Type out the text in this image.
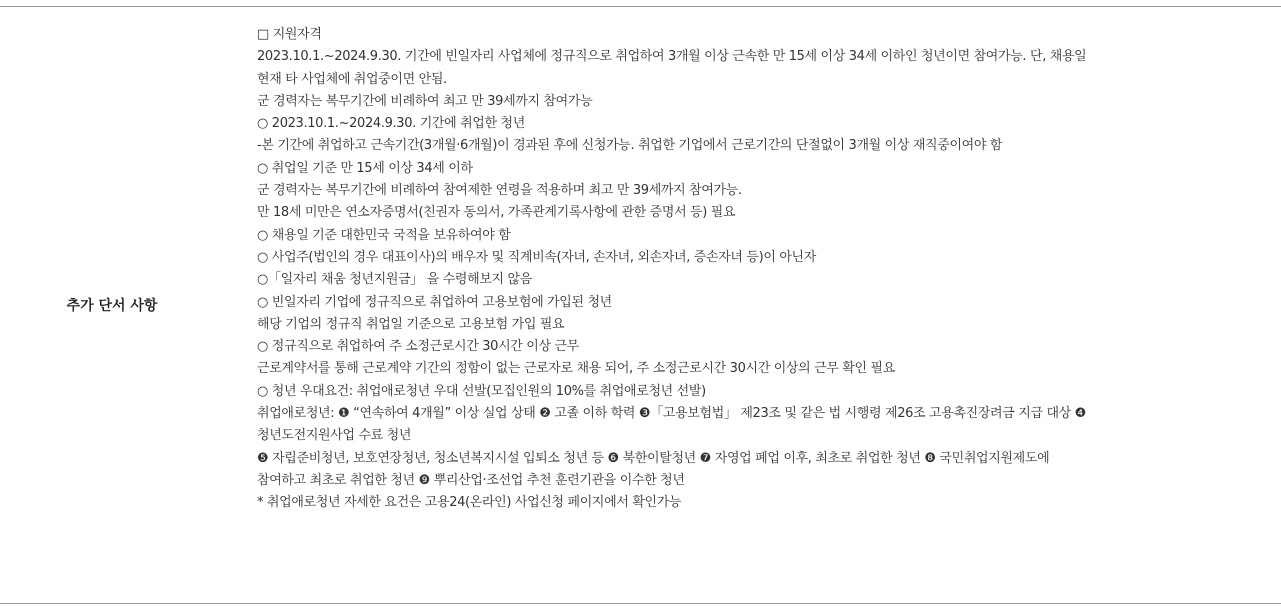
추가 단서 사항
□ 지원자격
2023.10.1.~2024.9.30. 기간에 빈일자리 사업체에 정규직으로 취업하여 3개월 이상 근속한 만 15세 이상 34세 이하인 청년이면 참여가능. 단, 채용일
현재 타 사업체에 취업중이면 안됨.
군 경력자는 복무기간에 비례하여 최고 만 39세까지 참여가능
○ 2023.10.1.~2024.9.30. 기간에 취업한 청년
-본 기간에 취업하고 근속기간(3개월·6개월)이 경과된 후에 신청가능. 취업한 기업에서 근로기간의 단절없이 3개월 이상 재직중이여야 함
○ 취업일 기준 만 15세 이상 34세 이하
군 경력자는 복무기간에 비례하여 참여제한 연령을 적용하며 최고 만 39세까지 참여가능.
만 18세 미만은 연소자증명서(친권자 동의서, 가족관계기록사항에 관한 증명서 등) 필요
○ 채용일 기준 대한민국 국적을 보유하여야 함
○ 사업주(법인의 경우 대표이사)의 배우자 및 직계비속(자녀, 손자녀, 외손자녀, 증손자녀 등)이 아닌자
○「일자리 채움 청년지원금」 을 수령해보지 않음
○ 빈일자리 기업에 정규직으로 취업하여 고용보험에 가입된 청년
해당 기업의 정규직 취업일 기준으로 고용보험 가입 필요
○ 정규직으로 취업하여 주 소정근로시간 30시간 이상 근무
근로계약서를 통해 근로계약 기간의 정함이 없는 근로자로 채용 되어, 주 소정근로시간 30시간 이상의 근무 확인 필요
○ 청년 우대요건: 취업애로청년 우대 선발(모집인원의 10%를 취업애로청년 선발)
취업애로청년: ❶ “연속하여 4개월” 이상 실업 상태 ❷ 고졸 이하 학력 ❸「고용보험법」 제23조 및 같은 법 시행령 제26조 고용촉진장려금 지급 대상 ❹
청년도전지원사업 수료 청년
❺ 자립준비청년, 보호연장청년, 청소년복지시설 입퇴소 청년 등 ❻ 북한이탈청년 ❼ 자영업 폐업 이후, 최초로 취업한 청년 ❽ 국민취업지원제도에
참여하고 최초로 취업한 청년 ❾ 뿌리산업·조선업 추천 훈련기관을 이수한 청년
* 취업애로청년 자세한 요건은 고용24(온라인) 사업신청 페이지에서 확인가능
